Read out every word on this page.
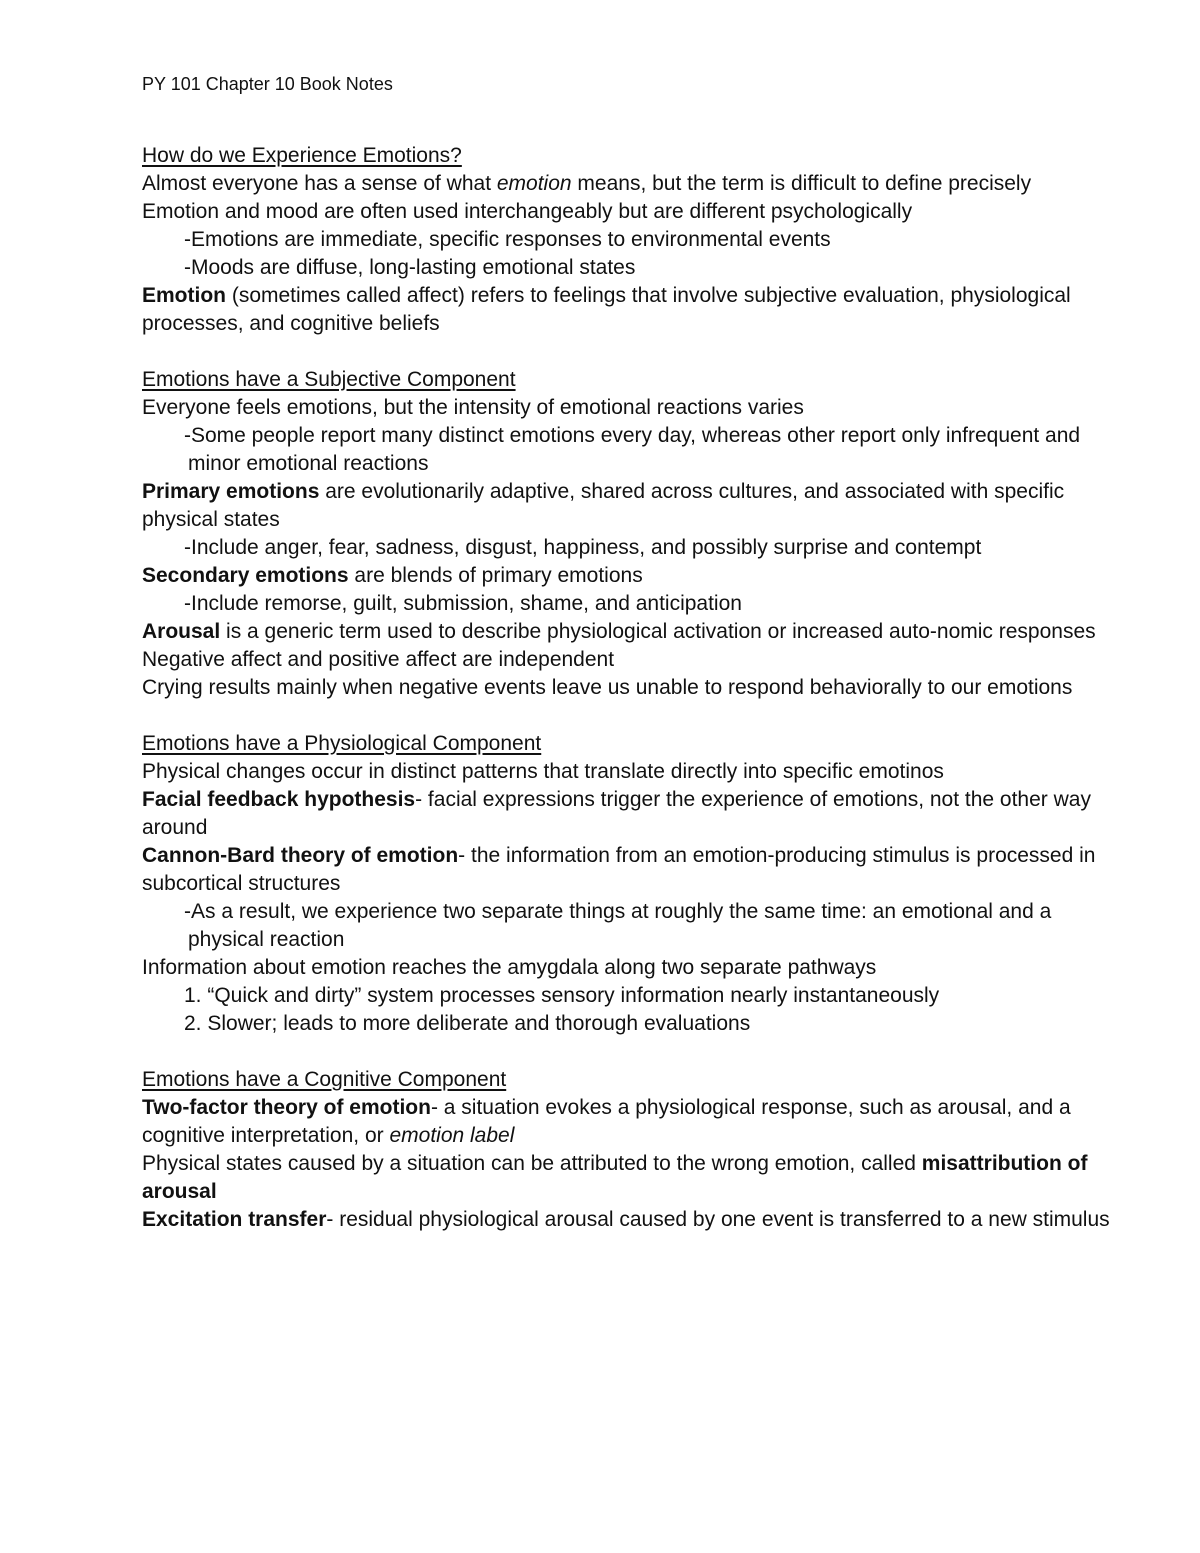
PY 101 Chapter 10 Book Notes

How do we Experience Emotions?

Almost everyone has a sense of what emotion means, but the term is difficult to define precisely

Emotion and mood are often used interchangeably but are different psychologically

-Emotions are immediate, specific responses to environmental events

-Moods are diffuse, long-lasting emotional states

Emotion (sometimes called affect) refers to feelings that involve subjective evaluation, physiological processes, and cognitive beliefs

Emotions have a Subjective Component

Everyone feels emotions, but the intensity of emotional reactions varies

-Some people report many distinct emotions every day, whereas other report only infrequent and minor emotional reactions

Primary emotions are evolutionarily adaptive, shared across cultures, and associated with specific physical states

-Include anger, fear, sadness, disgust, happiness, and possibly surprise and contempt

Secondary emotions are blends of primary emotions

-Include remorse, guilt, submission, shame, and anticipation

Arousal is a generic term used to describe physiological activation or increased auto-nomic responses

Negative affect and positive affect are independent

Crying results mainly when negative events leave us unable to respond behaviorally to our emotions

Emotions have a Physiological Component

Physical changes occur in distinct patterns that translate directly into specific emotinos

Facial feedback hypothesis- facial expressions trigger the experience of emotions, not the other way around

Cannon-Bard theory of emotion- the information from an emotion-producing stimulus is processed in subcortical structures

-As a result, we experience two separate things at roughly the same time: an emotional and a physical reaction

Information about emotion reaches the amygdala along two separate pathways

1. “Quick and dirty” system processes sensory information nearly instantaneously

2. Slower; leads to more deliberate and thorough evaluations

Emotions have a Cognitive Component

Two-factor theory of emotion- a situation evokes a physiological response, such as arousal, and a cognitive interpretation, or emotion label

Physical states caused by a situation can be attributed to the wrong emotion, called misattribution of arousal

Excitation transfer- residual physiological arousal caused by one event is transferred to a new stimulus
